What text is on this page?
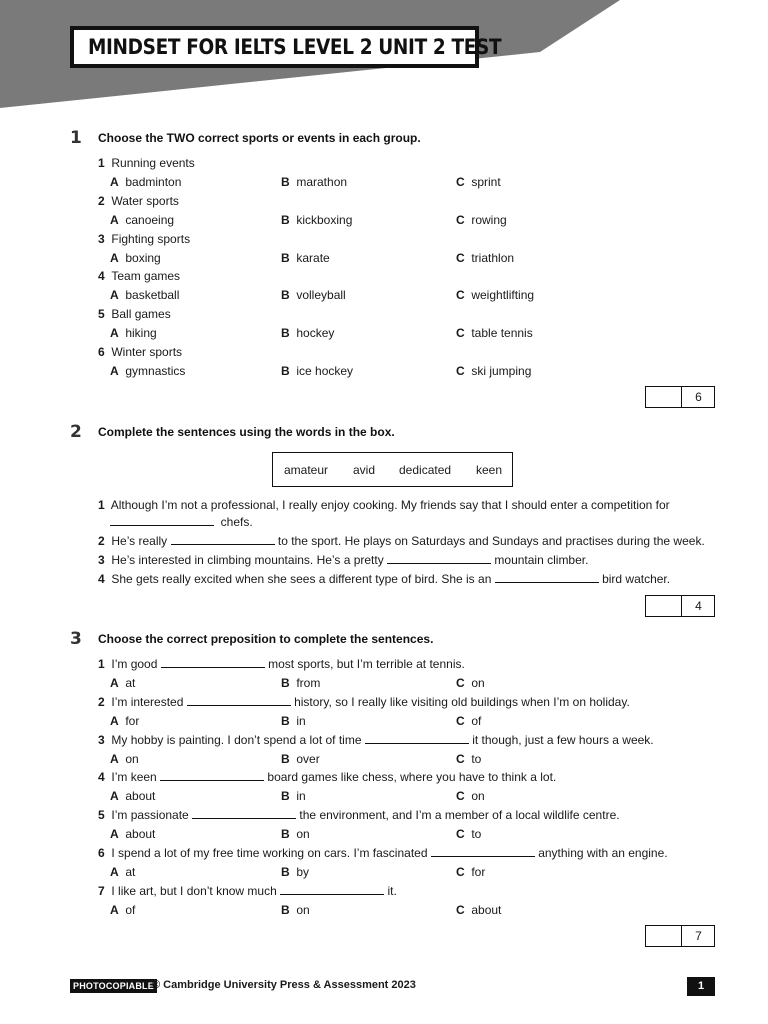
MINDSET FOR IELTS LEVEL 2 UNIT 2 TEST
1 Choose the TWO correct sports or events in each group.
1 Running events
A badminton	B marathon	C sprint
2 Water sports
A canoeing	B kickboxing	C rowing
3 Fighting sports
A boxing	B karate	C triathlon
4 Team games
A basketball	B volleyball	C weightlifting
5 Ball games
A hiking	B hockey	C table tennis
6 Winter sports
A gymnastics	B ice hockey	C ski jumping
6
2 Complete the sentences using the words in the box.
amateur avid dedicated keen
1 Although I’m not a professional, I really enjoy cooking. My friends say that I should enter a competition for
chefs.
2 He’s really	to the sport. He plays on Saturdays and Sundays and practises during the week.
3 He’s interested in climbing mountains. He’s a pretty	mountain climber.
4 She gets really excited when she sees a different type of bird. She is an	bird watcher.
4
3 Choose the correct preposition to complete the sentences.
1 I’m good	most sports, but I’m terrible at tennis.
A at	B from	C on
2 I’m interested	history, so I really like visiting old buildings when I’m on holiday.
A for	B in	C of
3 My hobby is painting. I don’t spend a lot of time	it though, just a few hours a week.
A on	B over	C to
4 I’m keen	board games like chess, where you have to think a lot.
A about	B in	C on
5 I’m passionate	the environment, and I’m a member of a local wildlife centre.
A about	B on	C to
6 I spend a lot of my free time working on cars. I’m fascinated	anything with an engine.
A at	B by	C for
7 I like art, but I don’t know much	it.
A of	B on	C about
7
PHOTOCOPIABLE
© Cambridge University Press & Assessment 2023	1
